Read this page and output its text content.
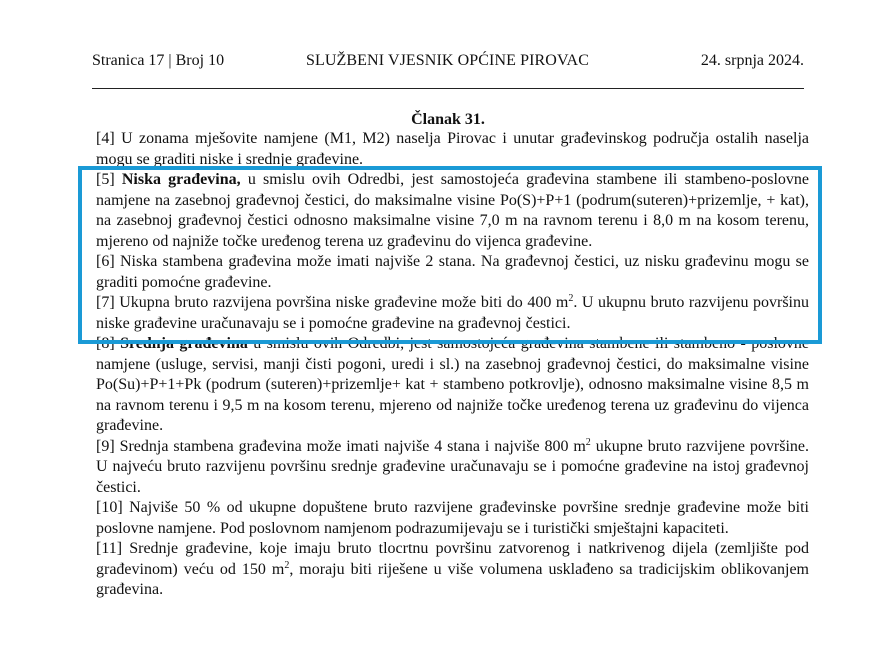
Stranica 17 | Broj 10	SLUŽBENI VJESNIK OPĆINE PIROVAC	24. srpnja 2024.
Članak 31.

[4] U zonama mješovite namjene (M1, M2) naselja Pirovac i unutar građevinskog područja ostalih naselja mogu se graditi niske i srednje građevine.

[5] Niska građevina, u smislu ovih Odredbi, jest samostojeća građevina stambene ili stambeno-poslovne namjene na zasebnoj građevnoj čestici, do maksimalne visine Po(S)+P+1 (podrum(suteren)+prizemlje, + kat), na zasebnoj građevnoj čestici odnosno maksimalne visine 7,0 m na ravnom terenu i 8,0 m na kosom terenu, mjereno od najniže točke uređenog terena uz građevinu do vijenca građevine.

[6] Niska stambena građevina može imati najviše 2 stana. Na građevnoj čestici, uz nisku građevinu mogu se graditi pomoćne građevine.

[7] Ukupna bruto razvijena površina niske građevine može biti do 400 $m^2$. U ukupnu bruto razvijenu površinu niske građevine uračunavaju se i pomoćne građevine na građevnoj čestici.

[8] Srednja građevina u smislu ovih Odredbi, jest samostojeća građevina stambene ili stambeno - poslovne namjene (usluge, servisi, manji čisti pogoni, uredi i sl.) na zasebnoj građevnoj čestici, do maksimalne visine Po(Su)+P+1+Pk (podrum (suteren)+prizemlje+ kat + stambeno potkrovlje), odnosno maksimalne visine 8,5 m na ravnom terenu i 9,5 m na kosom terenu, mjereno od najniže točke uređenog terena uz građevinu do vijenca građevine.

[9] Srednja stambena građevina može imati najviše 4 stana i najviše 800 $m^2$ ukupne bruto razvijene površine. U najveću bruto razvijenu površinu srednje građevine uračunavaju se i pomoćne građevine na istoj građevnoj čestici.

[10] Najviše 50 % od ukupne dopuštene bruto razvijene građevinske površine srednje građevine može biti poslovne namjene. Pod poslovnom namjenom podrazumijevaju se i turistički smještajni kapaciteti.

[11] Srednje građevine, koje imaju bruto tlocrtnu površinu zatvorenog i natkrivenog dijela (zemljište pod građevinom) veću od 150 $m^2$, moraju biti riješene u više volumena usklađeno sa tradicijskim oblikovanjem građevina.
